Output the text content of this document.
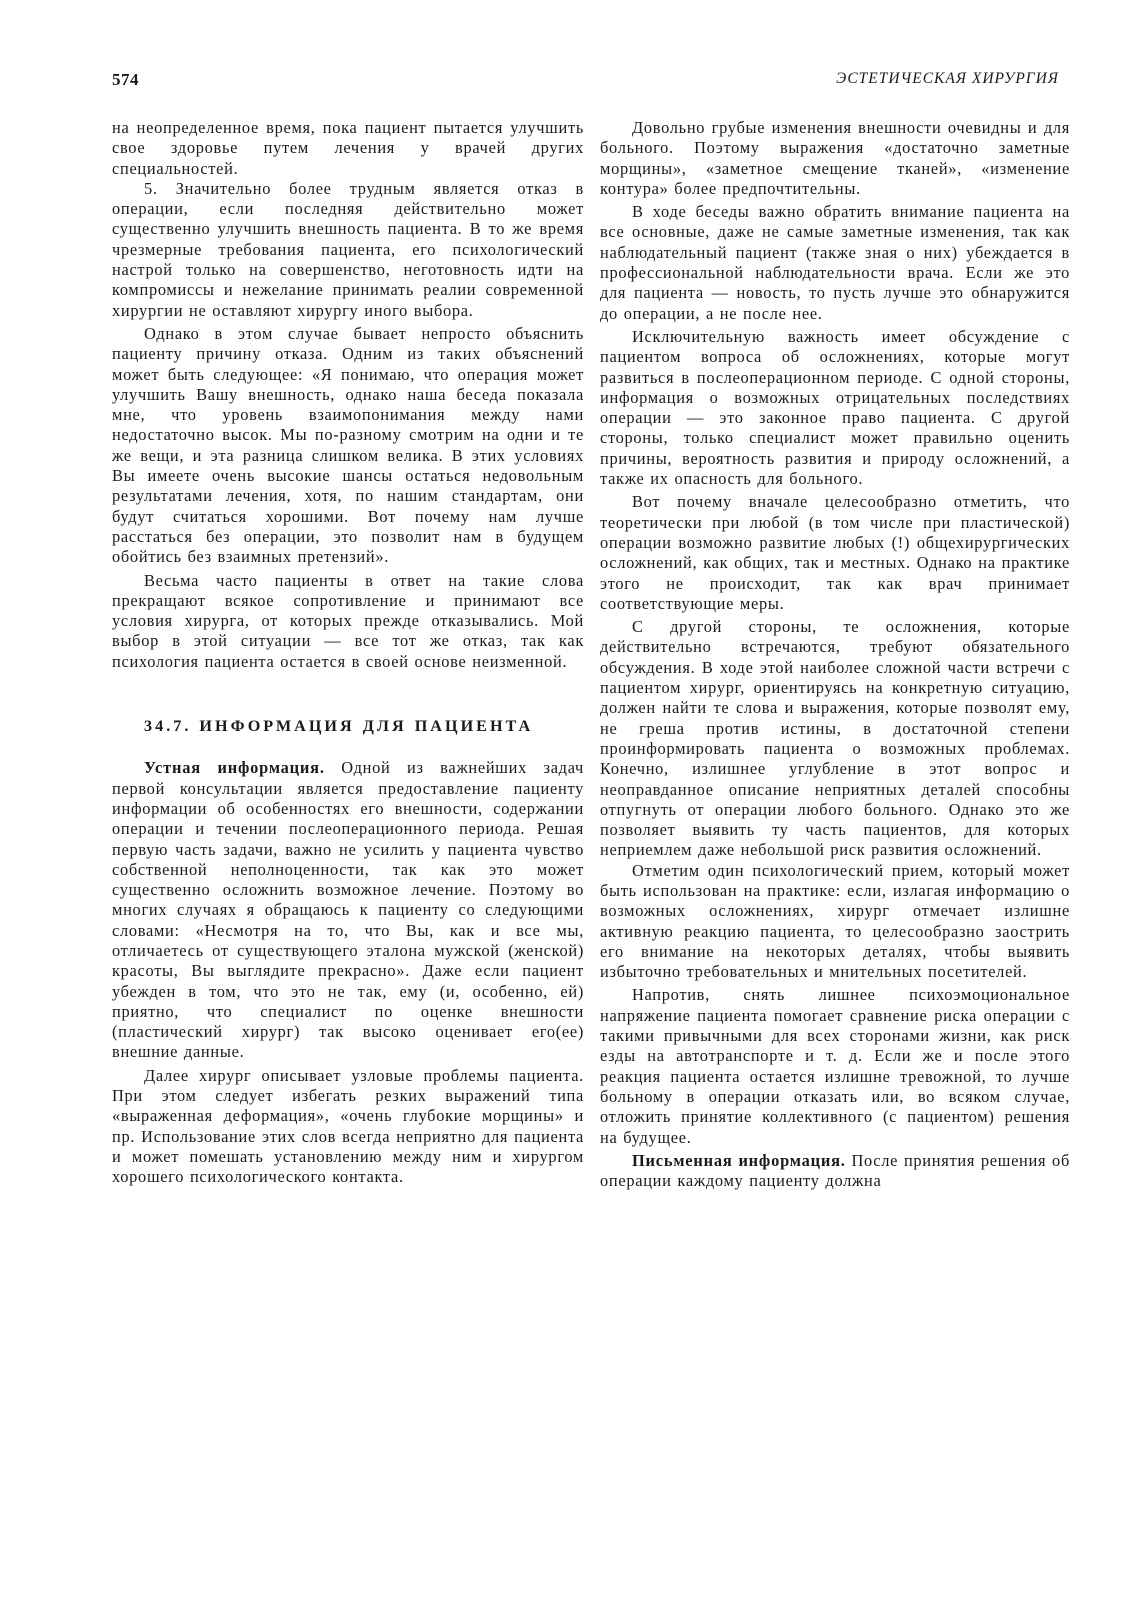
574	ЭСТЕТИЧЕСКАЯ ХИРУРГИЯ

на неопределенное время, пока пациент пытается улучшить свое здоровье путем лечения у врачей других специальностей.

5. Значительно более трудным является отказ в операции, если последняя действительно может существенно улучшить внешность пациента. В то же время чрезмерные требования пациента, его психологический настрой только на совершенство, неготовность идти на компромиссы и нежелание принимать реалии современной хирургии не оставляют хирургу иного выбора.

Однако в этом случае бывает непросто объяснить пациенту причину отказа. Одним из таких объяснений может быть следующее: «Я понимаю, что операция может улучшить Вашу внешность, однако наша беседа показала мне, что уровень взаимопонимания между нами недостаточно высок. Мы по-разному смотрим на одни и те же вещи, и эта разница слишком велика. В этих условиях Вы имеете очень высокие шансы остаться недовольным результатами лечения, хотя, по нашим стандартам, они будут считаться хорошими. Вот почему нам лучше расстаться без операции, это позволит нам в будущем обойтись без взаимных претензий».

Весьма часто пациенты в ответ на такие слова прекращают всякое сопротивление и принимают все условия хирурга, от которых прежде отказывались. Мой выбор в этой ситуации — все тот же отказ, так как психология пациента остается в своей основе неизменной.

34.7. ИНФОРМАЦИЯ ДЛЯ ПАЦИЕНТА

Устная информация. Одной из важнейших задач первой консультации является предоставление пациенту информации об особенностях его внешности, содержании операции и течении послеоперационного периода. Решая первую часть задачи, важно не усилить у пациента чувство собственной неполноценности, так как это может существенно осложнить возможное лечение. Поэтому во многих случаях я обращаюсь к пациенту со следующими словами: «Несмотря на то, что Вы, как и все мы, отличаетесь от существующего эталона мужской (женской) красоты, Вы выглядите прекрасно». Даже если пациент убежден в том, что это не так, ему (и, особенно, ей) приятно, что специалист по оценке внешности (пластический хирург) так высоко оценивает его(ее) внешние данные.

Далее хирург описывает узловые проблемы пациента. При этом следует избегать резких выражений типа «выраженная деформация», «очень глубокие морщины» и пр. Использование этих слов всегда неприятно для пациента и может помешать установлению между ним и хирургом хорошего психологического контакта.

Довольно грубые изменения внешности очевидны и для больного. Поэтому выражения «достаточно заметные морщины», «заметное смещение тканей», «изменение контура» более предпочтительны.

В ходе беседы важно обратить внимание пациента на все основные, даже не самые заметные изменения, так как наблюдательный пациент (также зная о них) убеждается в профессиональной наблюдательности врача. Если же это для пациента — новость, то пусть лучше это обнаружится до операции, а не после нее.

Исключительную важность имеет обсуждение с пациентом вопроса об осложнениях, которые могут развиться в послеоперационном периоде. С одной стороны, информация о возможных отрицательных последствиях операции — это законное право пациента. С другой стороны, только специалист может правильно оценить причины, вероятность развития и природу осложнений, а также их опасность для больного.

Вот почему вначале целесообразно отметить, что теоретически при любой (в том числе при пластической) операции возможно развитие любых (!) общехирургических осложнений, как общих, так и местных. Однако на практике этого не происходит, так как врач принимает соответствующие меры.

С другой стороны, те осложнения, которые действительно встречаются, требуют обязательного обсуждения. В ходе этой наиболее сложной части встречи с пациентом хирург, ориентируясь на конкретную ситуацию, должен найти те слова и выражения, которые позволят ему, не греша против истины, в достаточной степени проинформировать пациента о возможных проблемах. Конечно, излишнее углубление в этот вопрос и неоправданное описание неприятных деталей способны отпугнуть от операции любого больного. Однако это же позволяет выявить ту часть пациентов, для которых неприемлем даже небольшой риск развития осложнений.

Отметим один психологический прием, который может быть использован на практике: если, излагая информацию о возможных осложнениях, хирург отмечает излишне активную реакцию пациента, то целесообразно заострить его внимание на некоторых деталях, чтобы выявить избыточно требовательных и мнительных посетителей.

Напротив, снять лишнее психоэмоциональное напряжение пациента помогает сравнение риска операции с такими привычными для всех сторонами жизни, как риск езды на автотранспорте и т. д. Если же и после этого реакция пациента остается излишне тревожной, то лучше больному в операции отказать или, во всяком случае, отложить принятие коллективного (с пациентом) решения на будущее.

Письменная информация. После принятия решения об операции каждому пациенту должна
